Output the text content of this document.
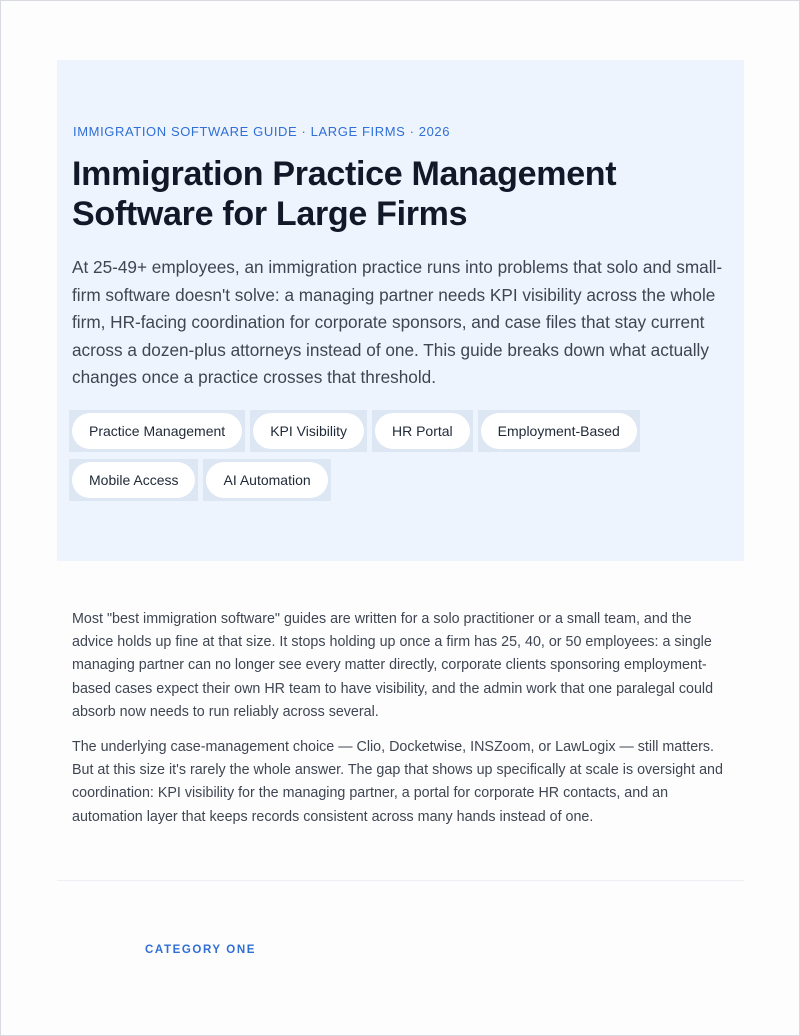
IMMIGRATION SOFTWARE GUIDE · LARGE FIRMS · 2026
Immigration Practice Management Software for Large Firms

At 25-49+ employees, an immigration practice runs into problems that solo and small-firm software doesn't solve: a managing partner needs KPI visibility across the whole firm, HR-facing coordination for corporate sponsors, and case files that stay current across a dozen-plus attorneys instead of one. This guide breaks down what actually changes once a practice crosses that threshold.

Practice Management	KPI Visibility	HR Portal	Employment-Based
Mobile Access	AI Automation

Most "best immigration software" guides are written for a solo practitioner or a small team, and the advice holds up fine at that size. It stops holding up once a firm has 25, 40, or 50 employees: a single managing partner can no longer see every matter directly, corporate clients sponsoring employment-based cases expect their own HR team to have visibility, and the admin work that one paralegal could absorb now needs to run reliably across several.

The underlying case-management choice — Clio, Docketwise, INSZoom, or LawLogix — still matters. But at this size it's rarely the whole answer. The gap that shows up specifically at scale is oversight and coordination: KPI visibility for the managing partner, a portal for corporate HR contacts, and an automation layer that keeps records consistent across many hands instead of one.

CATEGORY ONE
